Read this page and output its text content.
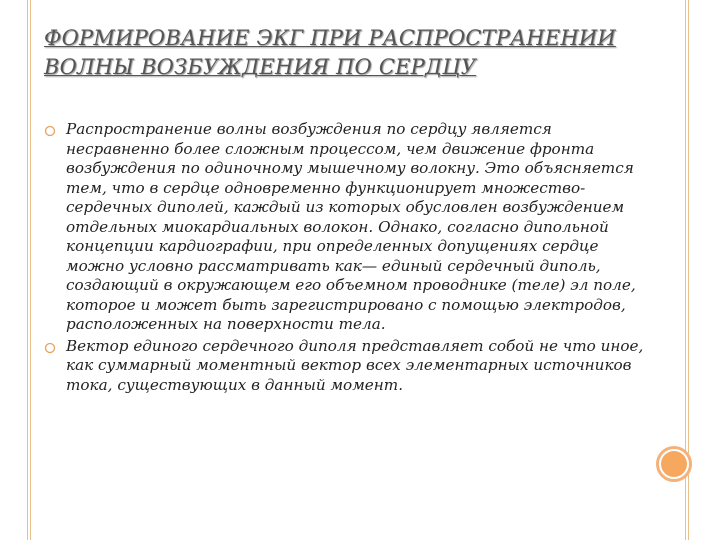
ФОРМИРОВАНИЕ ЭКГ ПРИ РАСПРОСТРАНЕНИИ ВОЛНЫ ВОЗБУЖДЕНИЯ ПО СЕРДЦУ
Распространение волны возбуждения по сердцу является несравненно более сложным процессом, чем движение фронта возбуждения по одиночному мышечному волокну. Это объясняется тем, что в сердце одновременно функционирует множество-сердечных диполей, каждый из которых обусловлен возбуждением отдельных миокардиальных волокон. Однако, согласно дипольной концепции кардиографии, при определенных допущениях сердце можно условно рассматривать как— единый сердечный диполь, создающий в окружающем его объемном проводнике (теле) эл поле, которое и может быть зарегистрировано с помощью электродов, расположенных на поверхности тела.
Вектор единого сердечного диполя представляет собой не что иное, как суммарный моментный вектор всех элементарных источников тока, существующих в данный момент.
